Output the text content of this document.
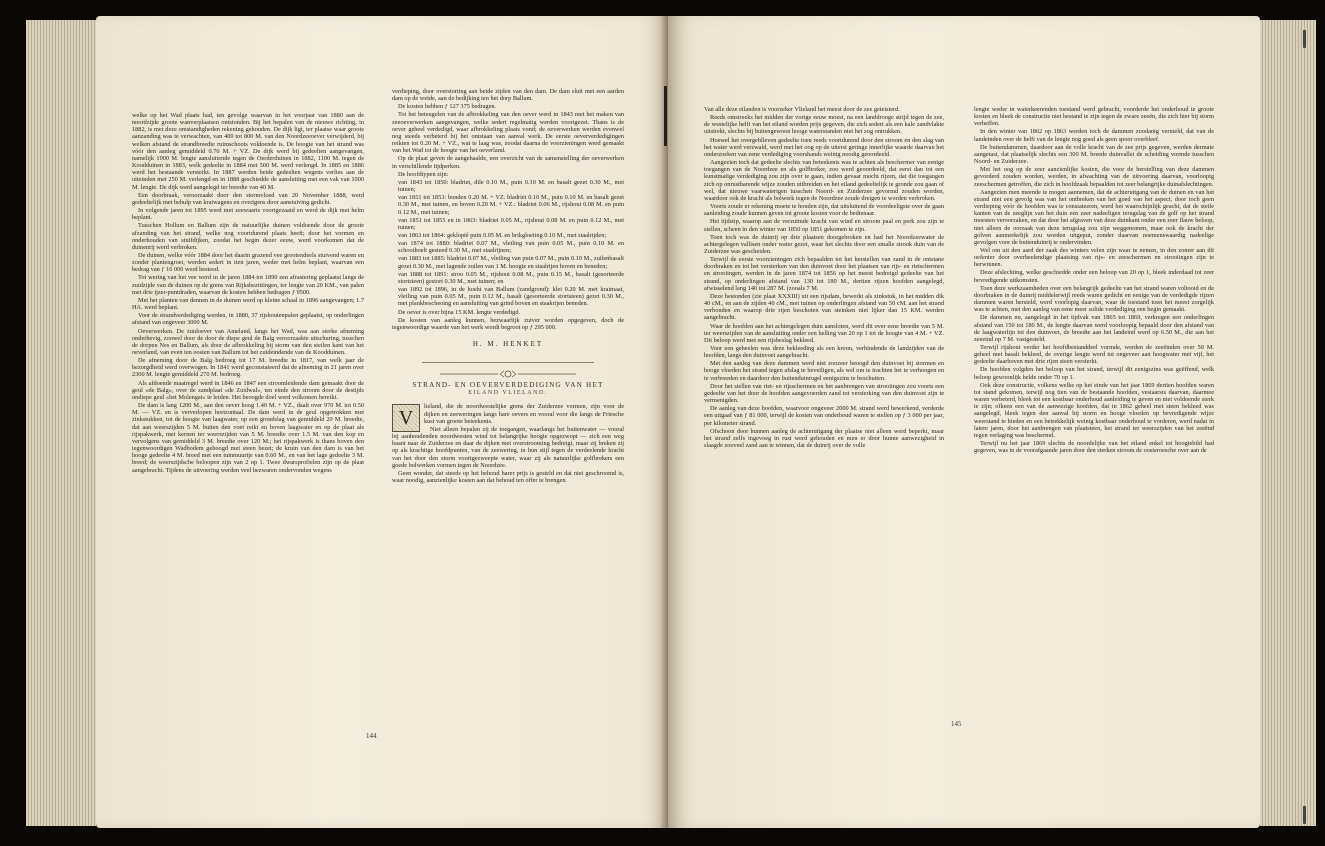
welke op het Wad plaats had, ten gevolge waarvan in het voorjaar van 1880 aan de noordzijde groote wanverplaatsen ontstonden. Bij het bepalen van de nieuwe richting, in 1882, is met deze omstandigheden rekening gehouden. De dijk ligt, ter plaatse waar groote aanzanding was te verwachten, van 400 tot 800 M. van den Noordzeeoever verwijderd, bij welken afstand de strandbreedte ruimschoots voldoende is. De hoogte van het strand was vóór den aanleg gemiddeld 0.70 M. + VZ. De dijk werd bij gedeelten aangevangen, namelijk 1000 M. lengte aansluitende tegen de Oerderduinen in 1882, 1100 M. tegen de Koodduinen in 1883, welk gedeelte in 1884 met 500 M. werd verlengd. In 1885 en 1886 werd het bestaande versterkt. In 1887 werden beide gedeelten wegens verlies aan de uiteinden met 250 M. verlengd en in 1888 geschiedde de aansluiting met een vak van 1000 M. lengte. De dijk werd aangelegd ter breedte van 40 M.

Een doorbraak, veroorzaakt door den stormvloed van 20 November 1888, werd gedeeltelijk met behulp van kraiwagens en overigens door aanstuiving gedicht.

In volgende jaren tot 1895 werd met zeewaarts voortgezaaid en werd de dijk met helm beplant.

Tusschen Hollum en Ballum zijn de natuurlijke duinen voldoende door de groote afzanding van het strand, welke nog voortdurend plaats heeft; door het vormen en onderhouden van stuifdijken, zoodat het begin dezer eeuw, werd voorkomen dat de duinenrij werd verbroken.

De duinen, welke vóór 1884 door het daarin grazend vee grootendeels stuivend waren en zonder plantengroei, werden sedert in tien jaren, weder met helm beplant, waarvan een bedrag van ƒ 16 000 werd besteed.

Tot wering van het vee werd in de jaren 1884 tot 1890 een afrastering geplaatst langs de zuidzijde van de duinen op de grens van Rijksbezittingen, ter lengte van 20 KM., van palen met drie ijzer-puntdraden, waarvan de kosten hebben bedragen ƒ 9500.

Met het planten van dennen in de duinen werd op kleine schaal in 1896 aangevangen; 1.7 HA. werd beplant.

Voor de strandverdediging werden, in 1880, 37 rijshoutenpalen geplaatst, op onderlingen afstand van ongeveer 3000 M.

Oeverwerken. De zuidoever van Ameland, langs het Wad, was aan sterke afneming onderhevig, zoowel door de door de diepe geul de Balg veroorzaakte uitschuring, tusschen de dorpen Nes en Ballum, als door de afbrokkeling bij storm van den steilen kant van het oeverland, van even ten oosten van Ballum tot het zuideindende van de Koodduinen.

De afneming door de Balg bedroeg tot 17 M. breedte in 1817, van welk jaar de bezorgdheid werd overwogen. In 1841 werd geconstateerd dat de afneming in 21 jaren over 2300 M. lengte gemiddeld 270 M. bedroeg.

Als afdoende maatregel werd in 1846 en 1847 een stroomleidende dam gemaakt door de geul «de Balg», over de zandplaat «de Zuidwal», ten einde den stroom door de destijds ondiepe geul «het Molengat» te leiden. Het beoogde doel werd volkomen bereikt.

De dam is lang 1200 M., aan den oever hoog 1.40 M. + VZ., daalt over 970 M. tot 0.50 M. — VZ. en is ververlopen horizontaal. De dam werd in de geul opgetrokken met zinkstukken, tot de hoogte van laagwater, op een grondslag van gemiddeld 20 M. breedte, dat aan weerszijden 5 M. buiten den voet reikt en boven laagwater en op de plaat als rijspakwerk, met kernen ter weerszijden van 5 M. breedte over 1.5 M. van den kop en vervolgens van gemiddeld 3 M. breedte over 120 M.; het rijspakwerk is thans boven den tegenwoordigen Wadbodem gehoogd met steen bezet; de kruin van den dam is van het hooge gedeelte 4 M. breed met een tuinmuurtje van 0.60 M., en van het lage gedeelte 3 M. breed; de weerszijdsche beloopen zijn van 2 op 1. Twee dwarsprofielen zijn op de plaat aangebracht. Tijdens de uitvoering werden veel bezwaren ondervonden wegens

verdieping, door overstorting aan beide zijden van den dam. De dam sluit met een aarden dam op de weide, aan de bedijking ten het dorp Ballum.

De kosten hebben ƒ 127 375 bedragen.

Tot het beteugelen van de afbrokkeling van den oever werd in 1843 met het maken van zeeoeverwerken aangevangen, welke sedert regelmatig werden voortgezet. Thans is de oever geheel verdedigd, waar afbrokkeling plaats vond; de oeverwerken werden evenwel nog steeds verbeterd bij het ontstaan van aanval werk. De eerste oeververdedigingen reikten tot 0.20 M. + VZ., wat te laag was, zoodat daarna de voorzieningen werd gemaakt van het Wad tot de hoogte van het oeverland.

Op de plaat geven de aangehaalde, een overzicht van de samenstelling der oeverwerken in verschillende tijdperken.

De hoofdtypen zijn:

van 1843 tot 1850: bladriet, dile 0.10 M., puin 0.10 M. en basalt gezet 0.30 M., met tuinen;

van 1851 tot 1853: bonden 0.20 M. + VZ. bladriet 0.10 M., puin 0.10 M. en basalt gezet 0.30 M., met tuinen, en boven 0.20 M. + VZ.: bladriet 0.06 M., rijshout 0.08 M. en puin 0.12 M., met tuinen;

van 1851 tot 1855 en in 1863: bladriet 0.05 M., rijshout 0.08 M. en puin 0.12 M., met tuinen;

van 1863 tot 1864: gekloptè puin 0.05 M. en brikgloeiing 0.10 M., met staalrijden;

van 1874 tot 1880: bladriet 0.07 M., vleiling van puin 0.05 M., puin 0.10 M. en schoothoelt gesteed 0.30 M., met staalrijnen;

van 1883 tot 1885: bladriet 0.07 M., vleiling van puin 0.07 M., puin 0.10 M., zuilenbasalt gezet 0.30 M., met lagende zuilen van 1 M. hoogte en staalrijen boven en beneden;

van 1888 tot 1891: stroo 0.05 M., rijshout 0.08 M., puin 0.15 M., basalt (gesorteerde stortsteen) gestort 0.30 M., met tuinen; en

van 1892 tot 1896, in de hoeht van Ballum (zandgrond): klei 0.20 M. met kraimaat, vleiling van puin 0.05 M., puin 0.12 M., basalt (gesorteerde stortsteen) gezet 0.30 M., met plankbescheoing en aansluiting van grind boven en staakrijen beneden.

De oever is over bijna 15 KM. lengte verdedigd.

De kosten van aanleg kunnen, bezwaarlijk zuiver worden opgegeven, doch de tegenwoordige waarde van het werk wordt begroot op ƒ 295 000.

H. M. HENKET
STRAND- EN OEVERVERDEDIGING VAN HET
EILAND VLIELAND.
V	lieland, die de noordwestelijke grens der Zuiderzee vormen, zijn voor de dijken en zeeweringen langs hare oevers en vooral voor die langs de Friesche kust van groote beteekenis.

Niet alleen bepalen zij de toegangen, waarlangs het buitenwater — vooral bij aanhoudenden noordwesten wind tot belangrijke hoogte opgezwopt — zich een weg baant naar de Zuiderzee en daar de dijken met overstrooming bedreigt, maar zij breken zij op als krachtige hoofdpunten, van de zeewering, in hun stijl tegen de verdeelende kracht van het door den storm voortgezweepte water, waar zij als natuurlijke golfbrekers een goede bolwerken vormen tegen de Noordzee.

Geen wonder, dat steeds op het behoud harer prijs is gesteld en dat niet geschroomd is, waar noodig, aanzienlijke kosten aan dat behoud ten offer te brengen.

144

Van alle deze eilanden is voorzeker Vlieland het meest door de zee geteisterd.

Reeds omstreeks het midden der vorige eeuw moest, na een landdrooge strijd tegen de zee, de westelijke helft van het eiland worden prijs gegeven, die zich sedert als een kale zandvlakte uitstrekt, slechts bij buitengewoon hooge waterstanden niet het zog ontrukken.

Hoewel het overgeblleven gedeelte toen reeds voortdurend door den stroom en den slag van het water werd verzwald, werd met het oog op de uiterst geringe innerlijke waarde daarvan het onderzoeken van eene verdediging voorshands weinig noodig geoordeeld.

Aangezien toch dat gedeelte slechts van beteekenis was te achten als beschermer van eenige toegangen van de Noordzee en als golfbreker, zoo werd geoordeeld, dat eerst dan tot een kunstmatige verdediging zou zijn over te gaan, indien gevaar mocht rijzen, dat die toegangen zich op onrustbarende wijze zouden uitbreiden en het eiland gedeeltelijk te gronde zou gaan of wel, dat nieuwe vaarwaterigen tusschen Noord- en Zuiderzee gevormd zouden worden, waardoor ook de kracht als bolwerk tegen de Noordzee zoude dreigen te worden verbroken.

Voorts zoude er rekening moete te houden zijn, dat uitsluitend de voordeeligste over de gaan aanleiding zoude kunnen geven tot groote kosten voor de bedienaar.

Het tijdstip, waarop aan de verzuimde kracht van wind en stroom paal en perk zou zijn te stellen, scheen in den winter van 1850 op 1851 gekomen te zijn.

Toen toch was de duinrij op drie plaatsen doorgebroken en had het Noordzeewater de achtergelegen vallisen onder water gezet, waar het slechts door een smalle strook duin van de Zuiderzee was gescheiden.

Terwijl de eerste voorzieningen zich bepaalden tot het herstellen van zand in de ontstane doorbraken en tot het versterken van den duinvoet door het plaatsen van rijs- en rietschermen en strooiingen, werden in de jaren 1874 tot 1856 op het meest bedreigd gedeelte van het strand, op onderlingen afstand van 130 tot 180 M., dertien rijzen hoofden aangelegd, afwisselend lang 140 tot 287 M. (zooals 7 M.

Deze bestonden (zie plaat XXXIII) uit een rijsdam, bewerkt als zinkstuk, in het midden dik 40 cM., en aan de zijden 40 cM., met tuinen op onderlingen afstand van 50 cM. aan het strand verbonden en waarop drie rijen beschoten van steinken niet lijker dan 15 KM. werden aangebracht.

Waar de hoofden aan het achtergelegen duin aansloten, werd dit over eene breedte van 5 M. ter weerszijden van de aansluiting onder een helling van 20 op 1 tot de hoogte van 4 M. + VZ. Dit beloop werd met een rijsbeslag bekleed.

Voor een geheelen was deze bekleeding als een kroon, verbindende de landzijden van de hoofden, langs den duinvoet aangebracht.

Met den aanleg van deze dammen werd niet zoozeer beoogd den duinvoet bij stormen en hooge vloeden het strand tegen afslag te beveiligen, als wel om te trachten het te verhoogen en te verbreeden en daardoor den buitenduinrugel eenigszins te beschutten.

Door het stellen van riet- en rijsschermen en het aanbrengen van strooiingen zou voorts een gedeelte van het door de hoofden aangevoerden zand tot versterking van den duinvoet zijn te vermenigden.

De aanleg van deze hoofden, waarvoor ongeveer 2000 M. strand werd bewerkend, verderde een uitgaaf van ƒ 81 000, terwijl de kosten van onderhoud waren te stellen op ƒ 3 000 per jaar, per kilometer strand.

Ofschoon door hunnen aanleg de achteruitgang der plaatse niet alleen werd beperkt, maar het strand zelfs ingevoeg in rust werd gehouden en men er door hunne aanwezigheid in slaagde zooveel zand aan te winnen, dat de duinrij over de volle

lengte weder in waterkeerenden toestand werd gebracht, voorderde het onderhoud te groote kosten en bleek de constructie niet bestand te zijn tegen de zware zeeën, die zich hier bij storm verheffen.

In den winter van 1862 op 1863 werden toch de dammen zoodanig vernield, dat van de landeinden over de helft van de lengte nog goed als geen spoor overbleef.

De buitendammen, daardoor aan de volle kracht van de zee prijs gegeven, werden dermate aangetast, dat plaatselijk slechts een 300 M. breede duinvallei de scheiding vormde tusschen Noord- en Zuiderzee.

Met het oog op de zeer aanzienlijke kosten, die voor de herstelling van deze dammen gevorderd zouden worden, werden, in afwachting van de uitvoering daarvan, voorloopig zeeschermen getroffen, die zich in hoofdzaak bepaalden tot zeer belangrijke duinafslechtingen.

Aangezien men meende te mogen aannemen, dat de achteruitgang van de duinen en van het strand niet een gevolg was van het ontbreken van het goed van het aspect, door toch geen verdieping vóór de hoofden was te constateeren, werd het waarschijnlijk geacht, dat de steile kanten van de zeeglijn van het duin een zeer nadeeligen terugslag van de golf op het strand moesten veroorzaken, en dat door het afgraven van deze duinkant onder een zeer flauw beloop, niet alleen de oorzaak van deze terugslag zou zijn weggenomen, maar ook de kracht der golven aanmerkelijk zou worden uitgeput, zonder daarvan noemenswaardig nadeelige gevolgen voor de buitenduinrij te ondervinden.

Wel om uit den aard der zaak des winters velen zijn waar te nemen, in den zomer aan dit oefenter door overbeelendige plaatsing van rijs- en zeeschermen en strooiingen zijn te herwinnen.

Deze afslechting, welke geschiedde onder een beloop van 20 op 1, bleek inderdaad tot zeer bevredigende uitkomsten.

Toen deze werkzaamheden over een belangrijk gedeelte van het strand waren voltooid en de doorbraken in de duinrij middelerwijl reeds waren gedicht en eenige van de verdedigde rijzen dammen waren hersteld, werd voorlopig daarvan, waar de toestand toen het meest zorgelijk was te achten, met den aanleg van eene meer solide verdediging een begin gemaakt.

De dammen nu, aangelegd in het tijdvak van 1865 tot 1869, verkregen een onderlingen afstand van 150 tot 180 M., de lengte daarvan werd voorloopig bepaald door den afstand van de laagwaterlijn tot den duinvoet, de breedte aan het landeind werd op 6.50 M., die aan het zeeeind op 7 M. vastgesteld.

Terwijl rijshout verder het hoofdbestanddeel vormde, werden de zeeëinden over 50 M. geheel met basalt bekleed, de overige lengte werd tot ongeveer aan hoogwater met vijf, het gedeelte daarboven met drie rijen steen versterkt.

De hoofden volgden het beloop van het strand, terwijl dit eenigszins was geëffend, welk beloop gewoonlijk helde onder 70 op 1.

Ook deze constructie, volkens welke op het einde van het jaar 1869 dertien hoofden waren tot stand gekomen, terwijl nog tien van de bestaande hoofden, vestaarsts daarvan, daarmee waren verbeterd, bleek tot een kostbaar onderhoud aanleiding te geven en niet voldoende sterk te zijn; ofkeen een van de aanwezige hoofden, dat in 1862 geheel met steen bekleed was aangelegd, bleek tegen den aanval bij storm en hooge vloeden op bevredigende wijze weerstand te bieden en een betrekkelijk weinig kostbaar onderhoud te vorderen, werd nadat in latere jaren, door het aanbrengen van plaatsteen, het strand ter weerszijden van het zeeënd tegen verlaging was beschermd.

Terwijl nu het jaar 1869 slechts de noordelijke van het eiland enkel tot hoogtebild had gegeven, was in de voorafgaande jaren door den sterken stroom de oosteroesche over aan de

145
